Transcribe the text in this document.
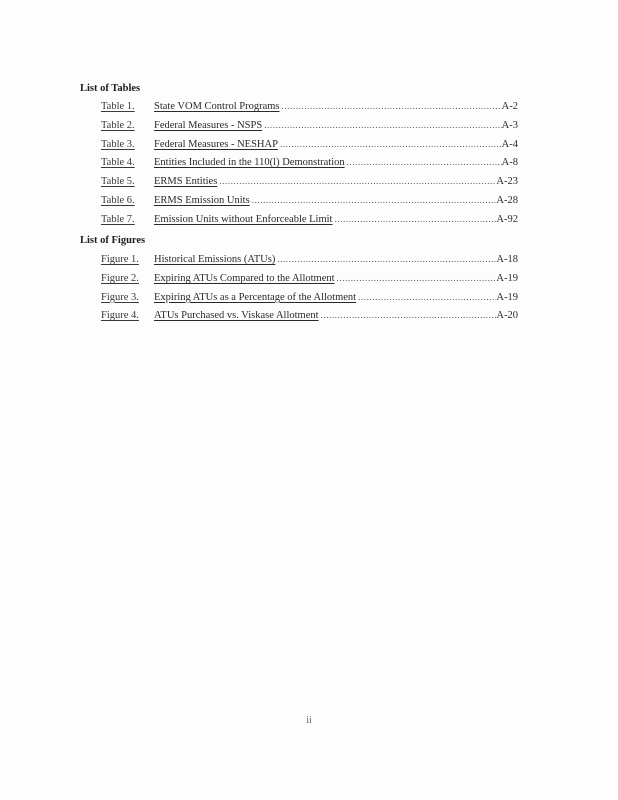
List of Tables
Table 1.	State VOM Control Programs .....	A-2
Table 2.	Federal Measures - NSPS .....	A-3
Table 3.	Federal Measures - NESHAP .....	A-4
Table 4.	Entities Included in the 110(l) Demonstration .....	A-8
Table 5.	ERMS Entities .....	A-23
Table 6.	ERMS Emission Units .....	A-28
Table 7.	Emission Units without Enforceable Limit .....	A-92
List of Figures
Figure 1.	Historical Emissions (ATUs) .....	A-18
Figure 2.	Expiring ATUs Compared to the Allotment .....	A-19
Figure 3.	Expiring ATUs as a Percentage of the Allotment .....	A-19
Figure 4.	ATUs Purchased vs. Viskase Allotment .....	A-20
ii
